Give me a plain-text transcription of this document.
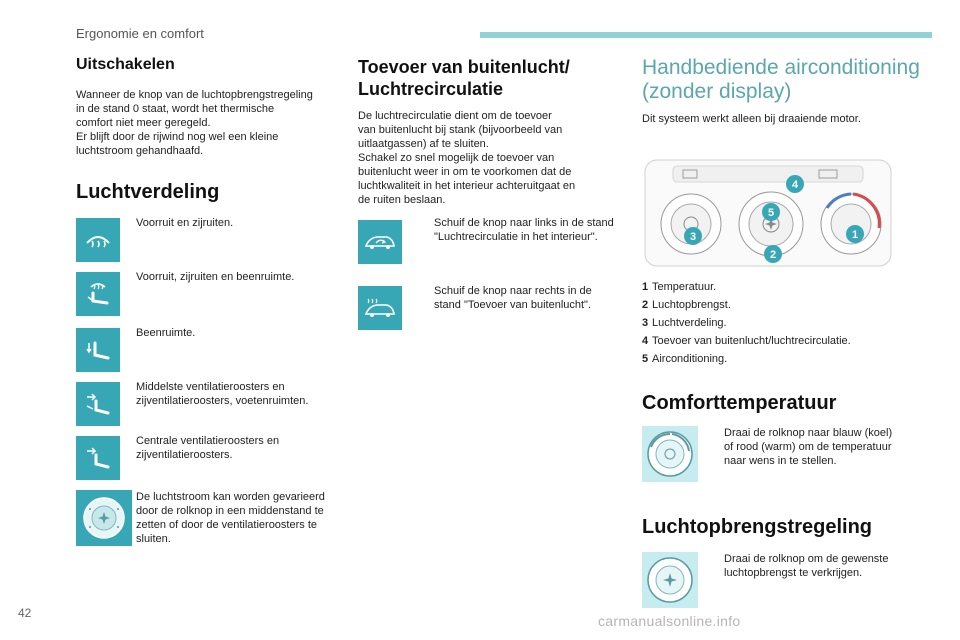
Ergonomie en comfort
Uitschakelen
Wanneer de knop van de luchtopbrengstregeling
in de stand 0 staat, wordt het thermische
comfort niet meer geregeld.
Er blijft door de rijwind nog wel een kleine
luchtstroom gehandhaafd.
Luchtverdeling
Voorruit en zijruiten.
Voorruit, zijruiten en beenruimte.
Beenruimte.
Middelste ventilatieroosters en zijventilatieroosters, voetenruimten.
Centrale ventilatieroosters en zijventilatieroosters.
De luchtstroom kan worden gevarieerd door de rolknop in een middenstand te zetten of door de ventilatieroosters te sluiten.
Toevoer van buitenlucht/
Luchtrecirculatie
De luchtrecirculatie dient om de toevoer
van buitenlucht bij stank (bijvoorbeeld van
uitlaatgassen) af te sluiten.
Schakel zo snel mogelijk de toevoer van
buitenlucht weer in om te voorkomen dat de
luchtkwaliteit in het interieur achteruitgaat en
de ruiten beslaan.
Schuif de knop naar links in de stand "Luchtrecirculatie in het interieur".
Schuif de knop naar rechts in de stand "Toevoer van buitenlucht".
Handbediende airconditioning
(zonder display)
Dit systeem werkt alleen bij draaiende motor.
4
5
3
2
1
1 Temperatuur.
2 Luchtopbrengst.
3 Luchtverdeling.
4 Toevoer van buitenlucht/luchtrecirculatie.
5 Airconditioning.
Comforttemperatuur
Draai de rolknop naar blauw (koel) of rood (warm) om de temperatuur naar wens in te stellen.
Luchtopbrengstregeling
Draai de rolknop om de gewenste luchtopbrengst te verkrijgen.
42	carmanualsonline.info
